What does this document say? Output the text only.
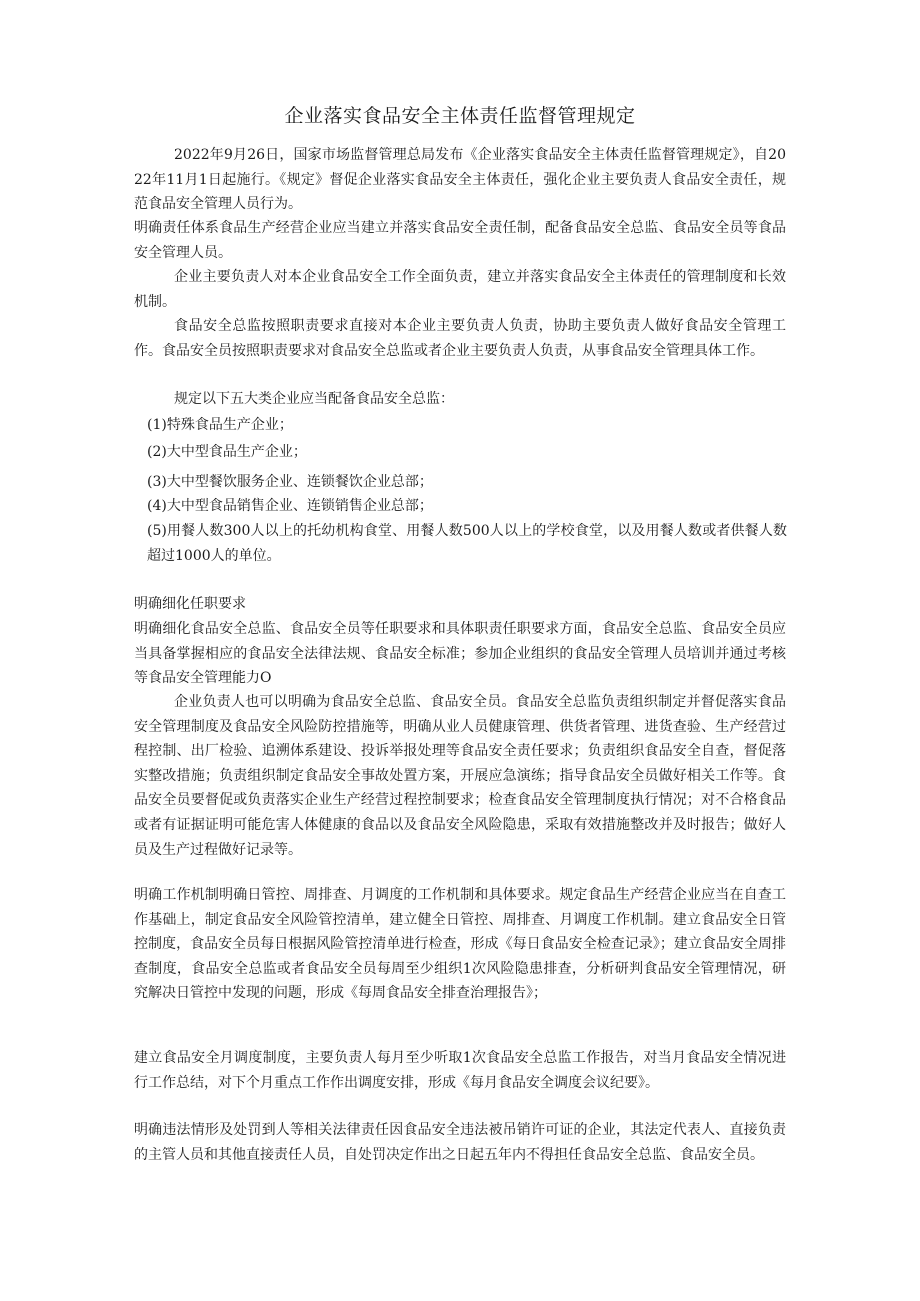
企业落实食品安全主体责任监督管理规定
2022年9月26日，国家市场监督管理总局发布《企业落实食品安全主体责任监督管理规定》，自2022年11月1日起施行。《规定》督促企业落实食品安全主体责任，强化企业主要负责人食品安全责任，规范食品安全管理人员行为。
明确责任体系食品生产经营企业应当建立并落实食品安全责任制，配备食品安全总监、食品安全员等食品安全管理人员。
企业主要负责人对本企业食品安全工作全面负责，建立并落实食品安全主体责任的管理制度和长效机制。
食品安全总监按照职责要求直接对本企业主要负责人负责，协助主要负责人做好食品安全管理工作。食品安全员按照职责要求对食品安全总监或者企业主要负责人负责，从事食品安全管理具体工作。
规定以下五大类企业应当配备食品安全总监：
(1)特殊食品生产企业；
(2)大中型食品生产企业；
(3)大中型餐饮服务企业、连锁餐饮企业总部；
(4)大中型食品销售企业、连锁销售企业总部；
(5)用餐人数300人以上的托幼机构食堂、用餐人数500人以上的学校食堂，以及用餐人数或者供餐人数超过1000人的单位。
明确细化任职要求
明确细化食品安全总监、食品安全员等任职要求和具体职责任职要求方面，食品安全总监、食品安全员应当具备掌握相应的食品安全法律法规、食品安全标准；参加企业组织的食品安全管理人员培训并通过考核等食品安全管理能力O
企业负责人也可以明确为食品安全总监、食品安全员。食品安全总监负责组织制定并督促落实食品安全管理制度及食品安全风险防控措施等，明确从业人员健康管理、供货者管理、进货查验、生产经营过程控制、出厂检验、追溯体系建设、投诉举报处理等食品安全责任要求；负责组织食品安全自查，督促落实整改措施；负责组织制定食品安全事故处置方案，开展应急演练；指导食品安全员做好相关工作等。食品安全员要督促或负责落实企业生产经营过程控制要求；检查食品安全管理制度执行情况；对不合格食品或者有证据证明可能危害人体健康的食品以及食品安全风险隐患，采取有效措施整改并及时报告；做好人员及生产过程做好记录等。
明确工作机制明确日管控、周排查、月调度的工作机制和具体要求。规定食品生产经营企业应当在自查工作基础上，制定食品安全风险管控清单，建立健全日管控、周排查、月调度工作机制。建立食品安全日管控制度，食品安全员每日根据风险管控清单进行检查，形成《每日食品安全检查记录》；建立食品安全周排查制度，食品安全总监或者食品安全员每周至少组织1次风险隐患排查，分析研判食品安全管理情况，研究解决日管控中发现的问题，形成《每周食品安全排查治理报告》；
建立食品安全月调度制度，主要负责人每月至少听取1次食品安全总监工作报告，对当月食品安全情况进行工作总结，对下个月重点工作作出调度安排，形成《每月食品安全调度会议纪要》。
明确违法情形及处罚到人等相关法律责任因食品安全违法被吊销许可证的企业，其法定代表人、直接负责的主管人员和其他直接责任人员，自处罚决定作出之日起五年内不得担任食品安全总监、食品安全员。
